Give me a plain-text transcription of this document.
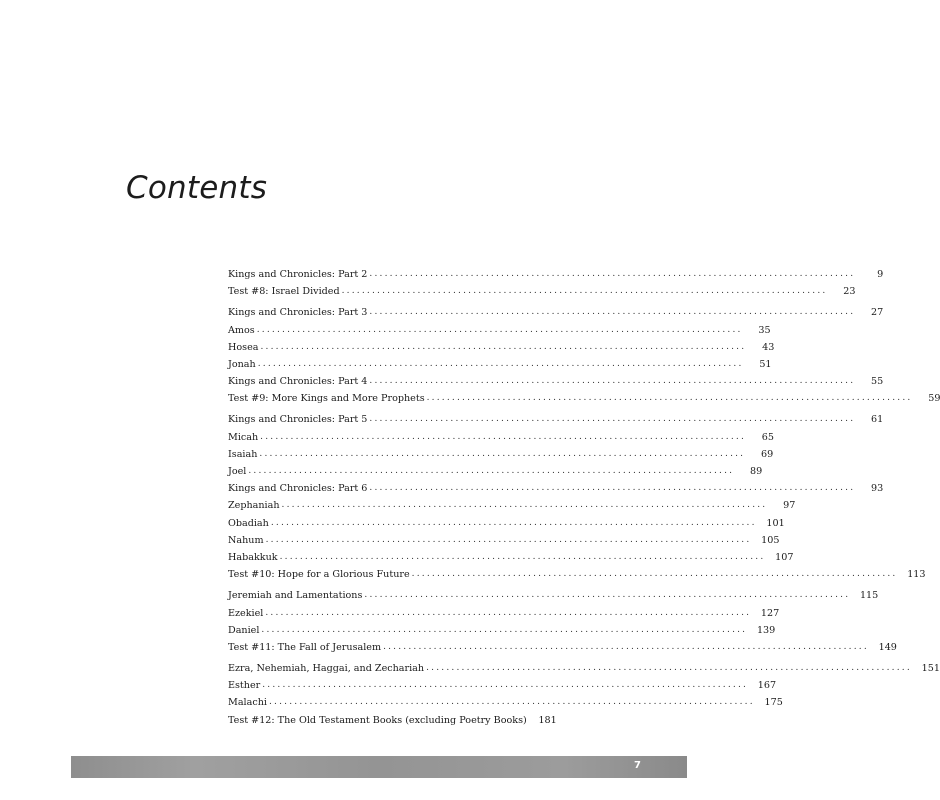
Contents
Kings and Chronicles: Part 2 ................................................................................................	9
Test #8: Israel Divided ................................................................................................	23
Kings and Chronicles: Part 3 ................................................................................................	27
Amos ................................................................................................	35
Hosea ................................................................................................	43
Jonah ................................................................................................	51
Kings and Chronicles: Part 4 ................................................................................................	55
Test #9: More Kings and More Prophets ................................................................................................	59
Kings and Chronicles: Part 5 ................................................................................................	61
Micah ................................................................................................	65
Isaiah ................................................................................................	69
Joel ................................................................................................	89
Kings and Chronicles: Part 6 ................................................................................................	93
Zephaniah ................................................................................................	97
Obadiah ................................................................................................	101
Nahum ................................................................................................	105
Habakkuk ................................................................................................	107
Test #10: Hope for a Glorious Future ................................................................................................	113
Jeremiah and Lamentations ................................................................................................	115
Ezekiel ................................................................................................	127
Daniel ................................................................................................	139
Test #11: The Fall of Jerusalem ................................................................................................	149
Ezra, Nehemiah, Haggai, and Zechariah ................................................................................................	151
Esther ................................................................................................	167
Malachi ................................................................................................	175
Test #12: The Old Testament Books (excluding Poetry Books)	181
7
